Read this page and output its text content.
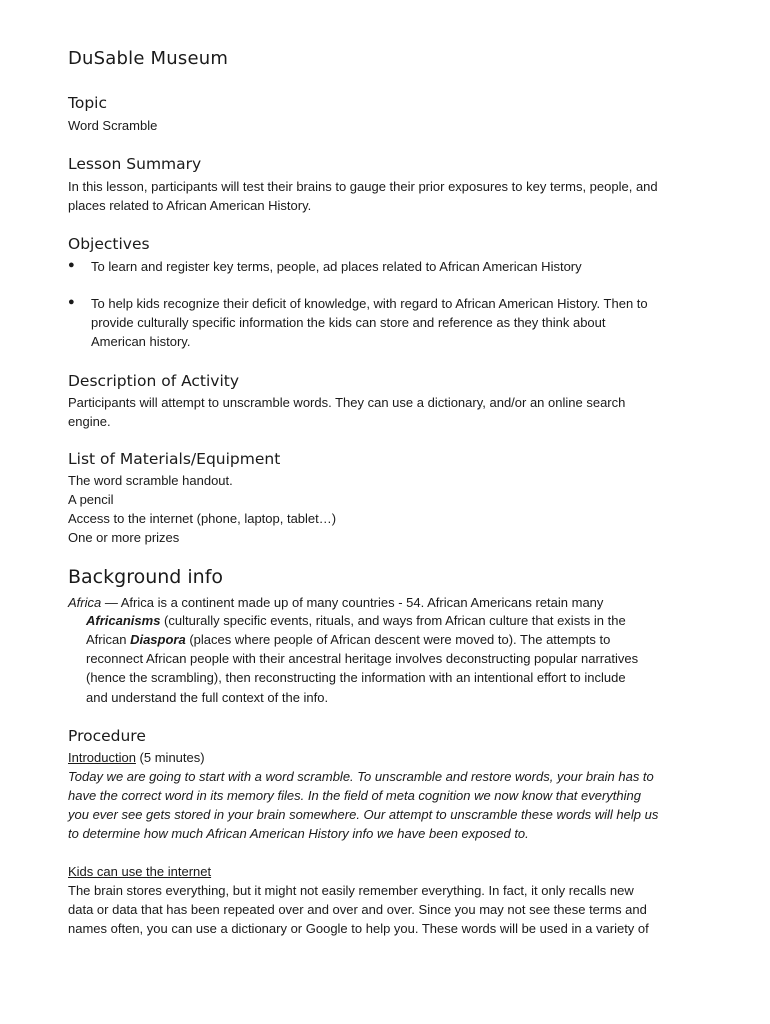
DuSable Museum
Topic
Word Scramble
Lesson Summary
In this lesson, participants will test their brains to gauge their prior exposures to key terms, people, and
places related to African American History.
Objectives
● To learn and register key terms, people, ad places related to African American History
● To help kids recognize their deficit of knowledge, with regard to African American History. Then to
provide culturally specific information the kids can store and reference as they think about
American history.
Description of Activity
Participants will attempt to unscramble words. They can use a dictionary, and/or an online search
engine.
List of Materials/Equipment
The word scramble handout.
A pencil
Access to the internet (phone, laptop, tablet…)
One or more prizes
Background info
Africa — Africa is a continent made up of many countries - 54. African Americans retain many
Africanisms (culturally specific events, rituals, and ways from African culture that exists in the
African Diaspora (places where people of African descent were moved to). The attempts to
reconnect African people with their ancestral heritage involves deconstructing popular narratives
(hence the scrambling), then reconstructing the information with an intentional effort to include
and understand the full context of the info.
Procedure
Introduction (5 minutes)
Today we are going to start with a word scramble. To unscramble and restore words, your brain has to
have the correct word in its memory files. In the field of meta cognition we now know that everything
you ever see gets stored in your brain somewhere. Our attempt to unscramble these words will help us
to determine how much African American History info we have been exposed to.
Kids can use the internet
The brain stores everything, but it might not easily remember everything. In fact, it only recalls new
data or data that has been repeated over and over and over. Since you may not see these terms and
names often, you can use a dictionary or Google to help you. These words will be used in a variety of
